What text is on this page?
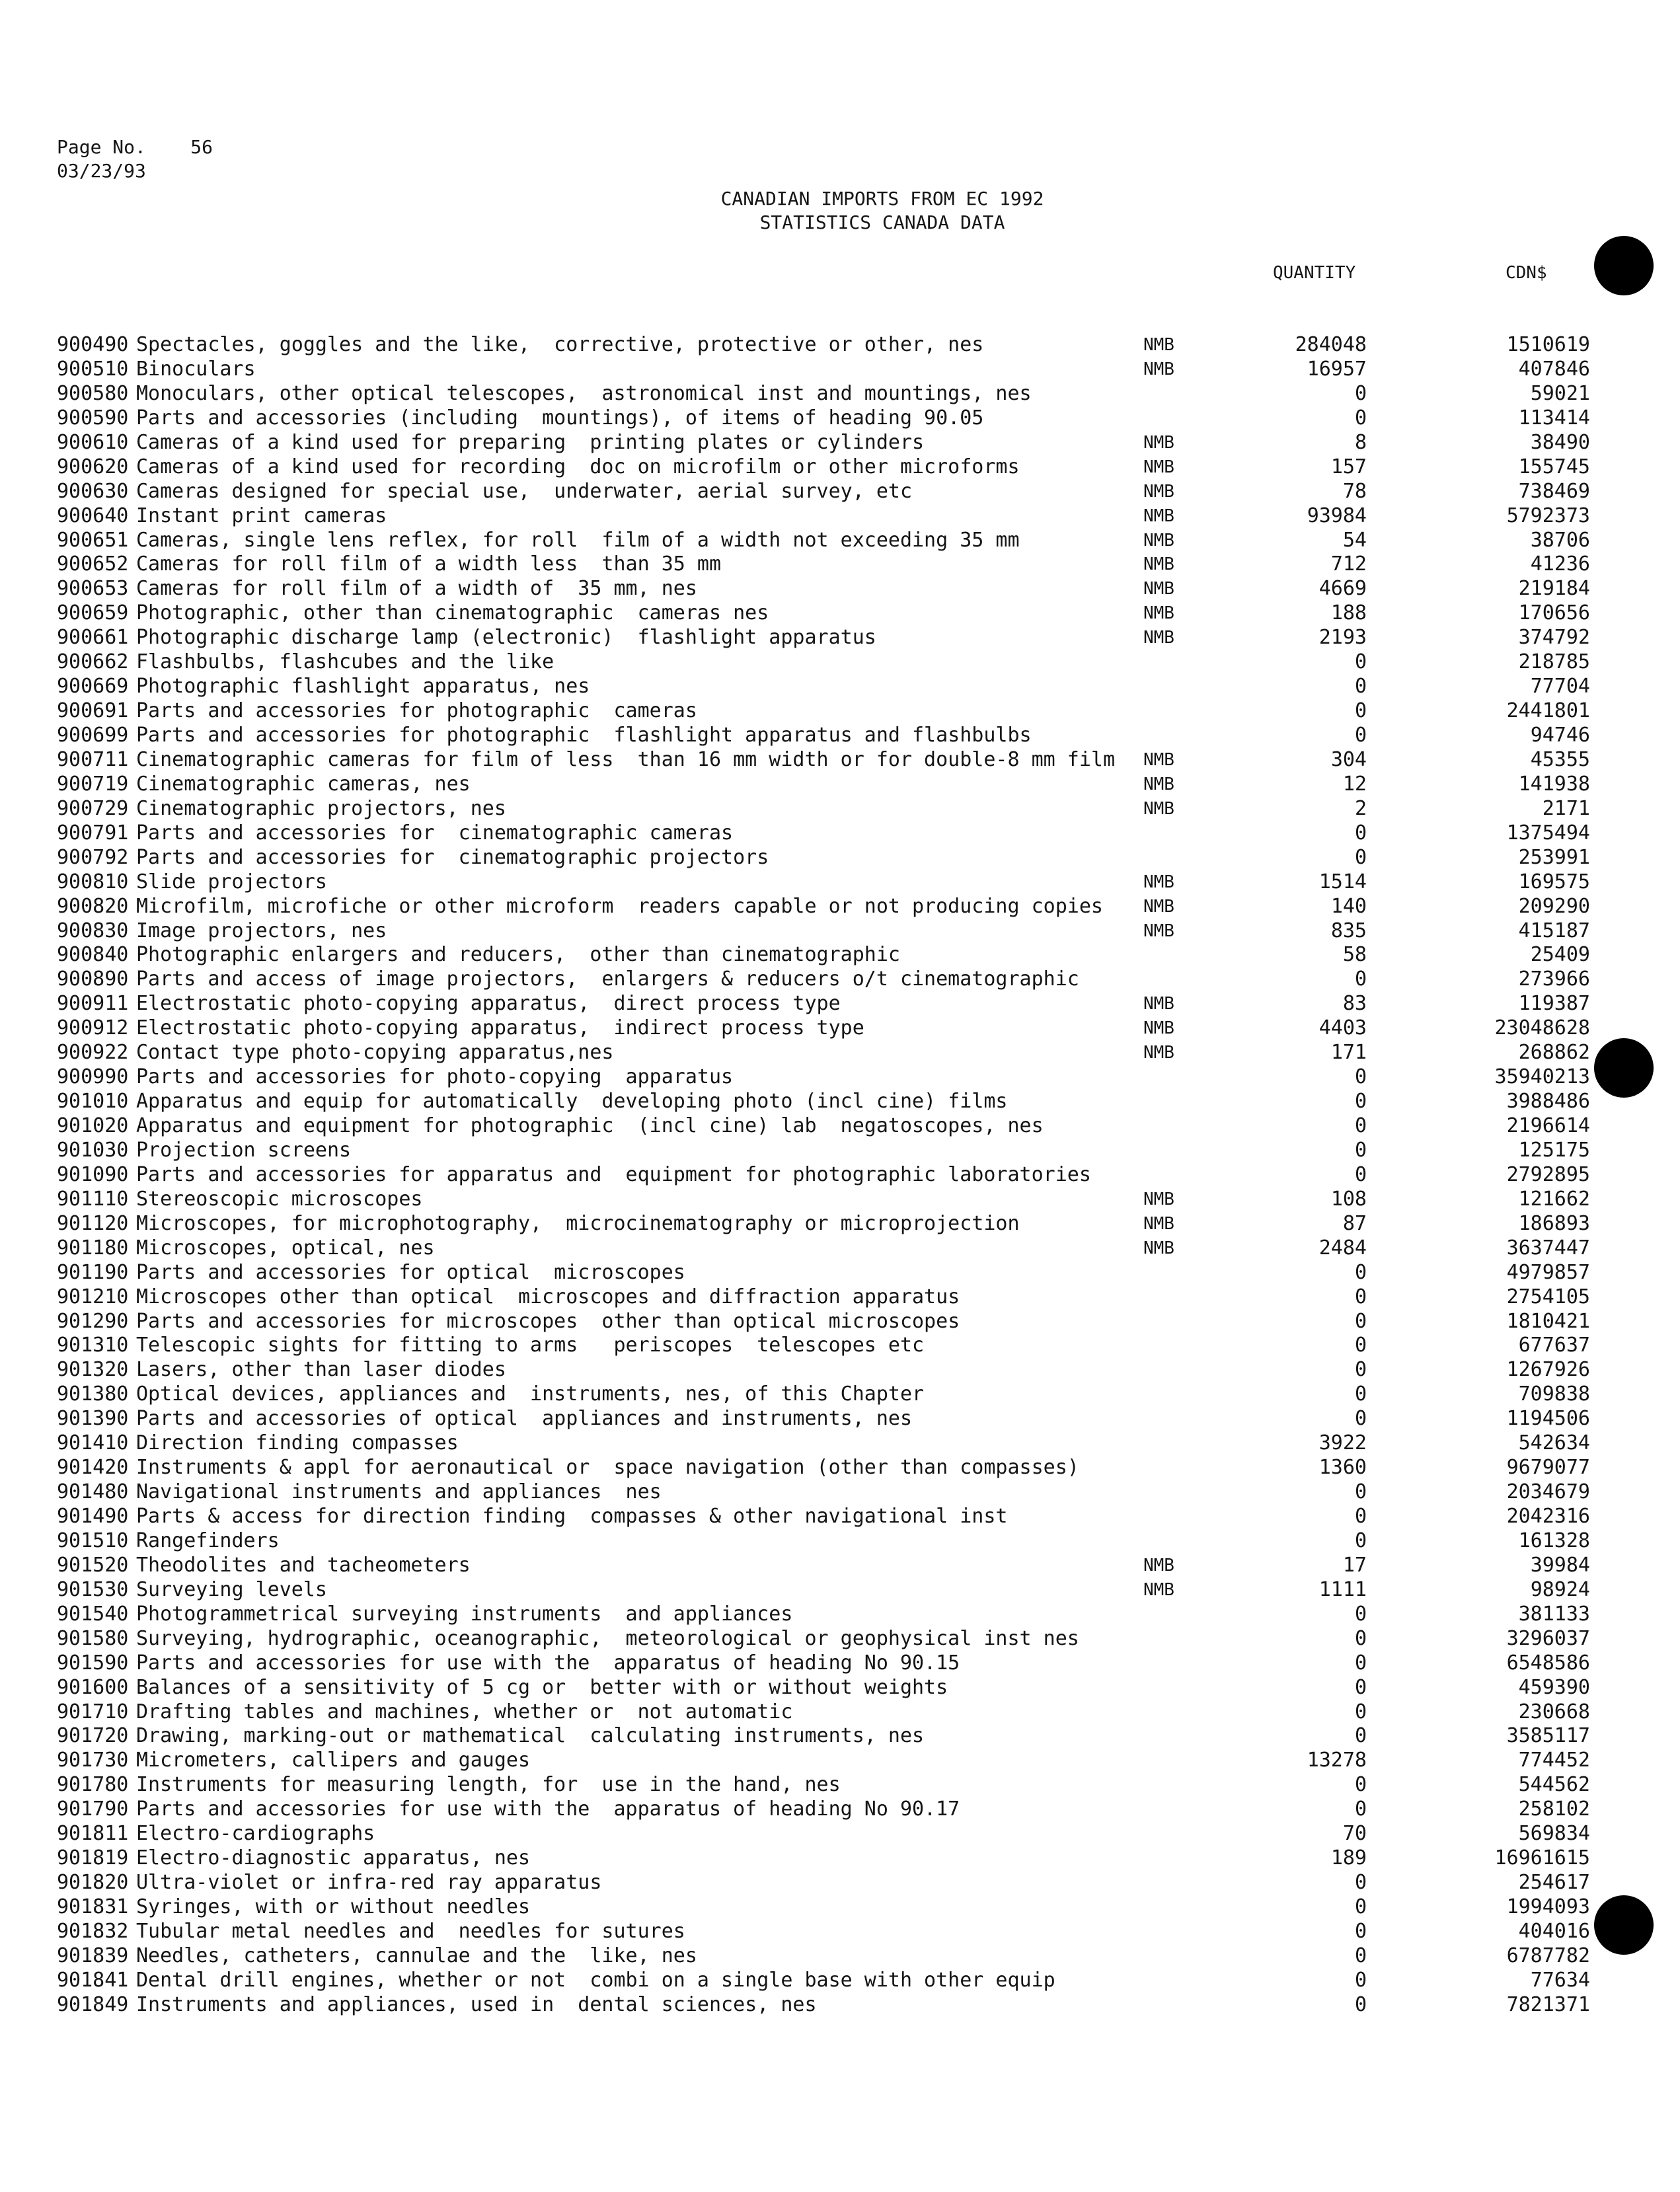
Page No. 56
03/23/93
CANADIAN IMPORTS FROM EC 1992
STATISTICS CANADA DATA
QUANTITY	CDN$
900490 Spectacles, goggles and the like,  corrective, protective or other, nes	NMB	284048	1510619
900510 Binoculars	NMB	16957	407846
900580 Monoculars, other optical telescopes,  astronomical inst and mountings, nes	0	59021
900590 Parts and accessories (including  mountings), of items of heading 90.05	0	113414
900610 Cameras of a kind used for preparing  printing plates or cylinders	NMB	8	38490
900620 Cameras of a kind used for recording  doc on microfilm or other microforms	NMB	157	155745
900630 Cameras designed for special use,  underwater, aerial survey, etc	NMB	78	738469
900640 Instant print cameras	NMB	93984	5792373
900651 Cameras, single lens reflex, for roll  film of a width not exceeding 35 mm	NMB	54	38706
900652 Cameras for roll film of a width less  than 35 mm	NMB	712	41236
900653 Cameras for roll film of a width of  35 mm, nes	NMB	4669	219184
900659 Photographic, other than cinematographic  cameras nes	NMB	188	170656
900661 Photographic discharge lamp (electronic)  flashlight apparatus	NMB	2193	374792
900662 Flashbulbs, flashcubes and the like	0	218785
900669 Photographic flashlight apparatus, nes	0	77704
900691 Parts and accessories for photographic  cameras	0	2441801
900699 Parts and accessories for photographic  flashlight apparatus and flashbulbs	0	94746
900711 Cinematographic cameras for film of less  than 16 mm width or for double-8 mm film NMB	304	45355
900719 Cinematographic cameras, nes	NMB	12	141938
900729 Cinematographic projectors, nes	NMB	2	2171
900791 Parts and accessories for  cinematographic cameras	0	1375494
900792 Parts and accessories for  cinematographic projectors	0	253991
900810 Slide projectors	NMB	1514	169575
900820 Microfilm, microfiche or other microform  readers capable or not producing copies NMB	140	209290
900830 Image projectors, nes	NMB	835	415187
900840 Photographic enlargers and reducers,  other than cinematographic	58	25409
900890 Parts and access of image projectors,  enlargers & reducers o/t cinematographic	0	273966
900911 Electrostatic photo-copying apparatus,  direct process type	NMB	83	119387
900912 Electrostatic photo-copying apparatus,  indirect process type	NMB	4403	23048628
900922 Contact type photo-copying apparatus,nes	NMB	171	268862
900990 Parts and accessories for photo-copying  apparatus	0	35940213
901010 Apparatus and equip for automatically  developing photo (incl cine) films	0	3988486
901020 Apparatus and equipment for photographic  (incl cine) lab  negatoscopes, nes	0	2196614
901030 Projection screens	0	125175
901090 Parts and accessories for apparatus and  equipment for photographic laboratories	0	2792895
901110 Stereoscopic microscopes	NMB	108	121662
901120 Microscopes, for microphotography,  microcinematography or microprojection	NMB	87	186893
901180 Microscopes, optical, nes	NMB	2484	3637447
901190 Parts and accessories for optical  microscopes	0	4979857
901210 Microscopes other than optical  microscopes and diffraction apparatus	0	2754105
901290 Parts and accessories for microscopes  other than optical microscopes	0	1810421
901310 Telescopic sights for fitting to arms   periscopes  telescopes etc	0	677637
901320 Lasers, other than laser diodes	0	1267926
901380 Optical devices, appliances and  instruments, nes, of this Chapter	0	709838
901390 Parts and accessories of optical  appliances and instruments, nes	0	1194506
901410 Direction finding compasses	3922	542634
901420 Instruments & appl for aeronautical or  space navigation (other than compasses)	1360	9679077
901480 Navigational instruments and appliances  nes	0	2034679
901490 Parts & access for direction finding  compasses & other navigational inst	0	2042316
901510 Rangefinders	0	161328
901520 Theodolites and tacheometers	NMB	17	39984
901530 Surveying levels	NMB	1111	98924
901540 Photogrammetrical surveying instruments  and appliances	0	381133
901580 Surveying, hydrographic, oceanographic,  meteorological or geophysical inst nes	0	3296037
901590 Parts and accessories for use with the  apparatus of heading No 90.15	0	6548586
901600 Balances of a sensitivity of 5 cg or  better with or without weights	0	459390
901710 Drafting tables and machines, whether or  not automatic	0	230668
901720 Drawing, marking-out or mathematical  calculating instruments, nes	0	3585117
901730 Micrometers, callipers and gauges	13278	774452
901780 Instruments for measuring length, for  use in the hand, nes	0	544562
901790 Parts and accessories for use with the  apparatus of heading No 90.17	0	258102
901811 Electro-cardiographs	70	569834
901819 Electro-diagnostic apparatus, nes	189	16961615
901820 Ultra-violet or infra-red ray apparatus	0	254617
901831 Syringes, with or without needles	0	1994093
901832 Tubular metal needles and  needles for sutures	0	404016
901839 Needles, catheters, cannulae and the  like, nes	0	6787782
901841 Dental drill engines, whether or not  combi on a single base with other equip	0	77634
901849 Instruments and appliances, used in  dental sciences, nes	0	7821371
